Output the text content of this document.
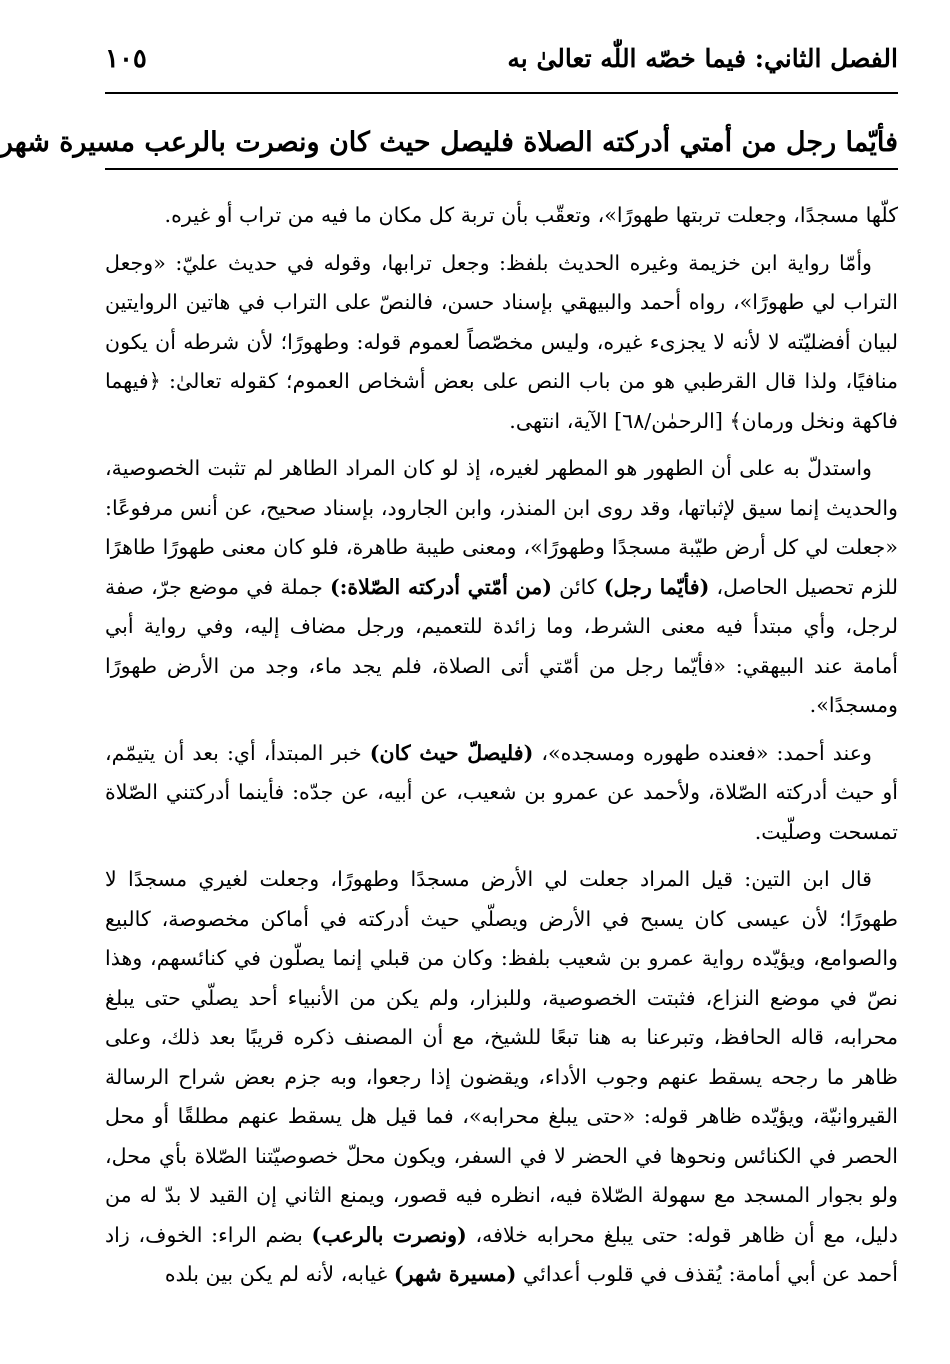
الفصل الثاني: فيما خصّه اللّٰه تعالىٰ به
١٠٥
فأيّما رجل من أمتي أدركته الصلاة فليصل حيث كان ونصرت بالرعب مسيرة شهر

كلّها مسجدًا، وجعلت تربتها طهورًا»، وتعقّب بأن تربة كل مكان ما فيه من تراب أو غيره.

وأمّا رواية ابن خزيمة وغيره الحديث بلفظ: وجعل ترابها، وقوله في حديث عليّ: «وجعل التراب لي طهورًا»، رواه أحمد والبيهقي بإسناد حسن، فالنصّ على التراب في هاتين الروايتين لبيان أفضليّته لا لأنه لا يجزىء غيره، وليس مخصّصاً لعموم قوله: وطهورًا؛ لأن شرطه أن يكون منافيًا، ولذا قال القرطبي هو من باب النص على بعض أشخاص العموم؛ كقوله تعالىٰ: ﴿فيهما فاكهة ونخل ورمان﴾ [الرحمٰن/٦٨] الآية، انتهى.

واستدلّ به على أن الطهور هو المطهر لغيره، إذ لو كان المراد الطاهر لم تثبت الخصوصية، والحديث إنما سيق لإثباتها، وقد روى ابن المنذر، وابن الجارود، بإسناد صحيح، عن أنس مرفوعًا: «جعلت لي كل أرض طيّبة مسجدًا وطهورًا»، ومعنى طيبة طاهرة، فلو كان معنى طهورًا طاهرًا للزم تحصيل الحاصل، (فأيّما رجل) كائن (من أمّتي أدركته الصّلاة:) جملة في موضع جرّ، صفة لرجل، وأي مبتدأ فيه معنى الشرط، وما زائدة للتعميم، ورجل مضاف إليه، وفي رواية أبي أمامة عند البيهقي: «فأيّما رجل من أمّتي أتى الصلاة، فلم يجد ماء، وجد من الأرض طهورًا ومسجدًا».

وعند أحمد: «فعنده طهوره ومسجده»، (فليصلّ حيث كان) خبر المبتدأ، أي: بعد أن يتيمّم، أو حيث أدركته الصّلاة، ولأحمد عن عمرو بن شعيب، عن أبيه، عن جدّه: فأينما أدركتني الصّلاة تمسحت وصلّيت.

قال ابن التين: قيل المراد جعلت لي الأرض مسجدًا وطهورًا، وجعلت لغيري مسجدًا لا طهورًا؛ لأن عيسى كان يسبح في الأرض ويصلّي حيث أدركته في أماكن مخصوصة، كالبيع والصوامع، ويؤيّده رواية عمرو بن شعيب بلفظ: وكان من قبلي إنما يصلّون في كنائسهم، وهذا نصّ في موضع النزاع، فثبتت الخصوصية، وللبزار، ولم يكن من الأنبياء أحد يصلّي حتى يبلغ محرابه، قاله الحافظ، وتبرعنا به هنا تبعًا للشيخ، مع أن المصنف ذكره قريبًا بعد ذلك، وعلى ظاهر ما رجحه يسقط عنهم وجوب الأداء، ويقضون إذا رجعوا، وبه جزم بعض شراح الرسالة القيروانيّة، ويؤيّده ظاهر قوله: «حتى يبلغ محرابه»، فما قيل هل يسقط عنهم مطلقًا أو محل الحصر في الكنائس ونحوها في الحضر لا في السفر، ويكون محلّ خصوصيّتنا الصّلاة بأي محل، ولو بجوار المسجد مع سهولة الصّلاة فيه، انظره فيه قصور، ويمنع الثاني إن القيد لا بدّ له من دليل، مع أن ظاهر قوله: حتى يبلغ محرابه خلافه، (ونصرت بالرعب) بضم الراء: الخوف، زاد أحمد عن أبي أمامة: يُقذف في قلوب أعدائي (مسيرة شهر) غيابه، لأنه لم يكن بين بلده
